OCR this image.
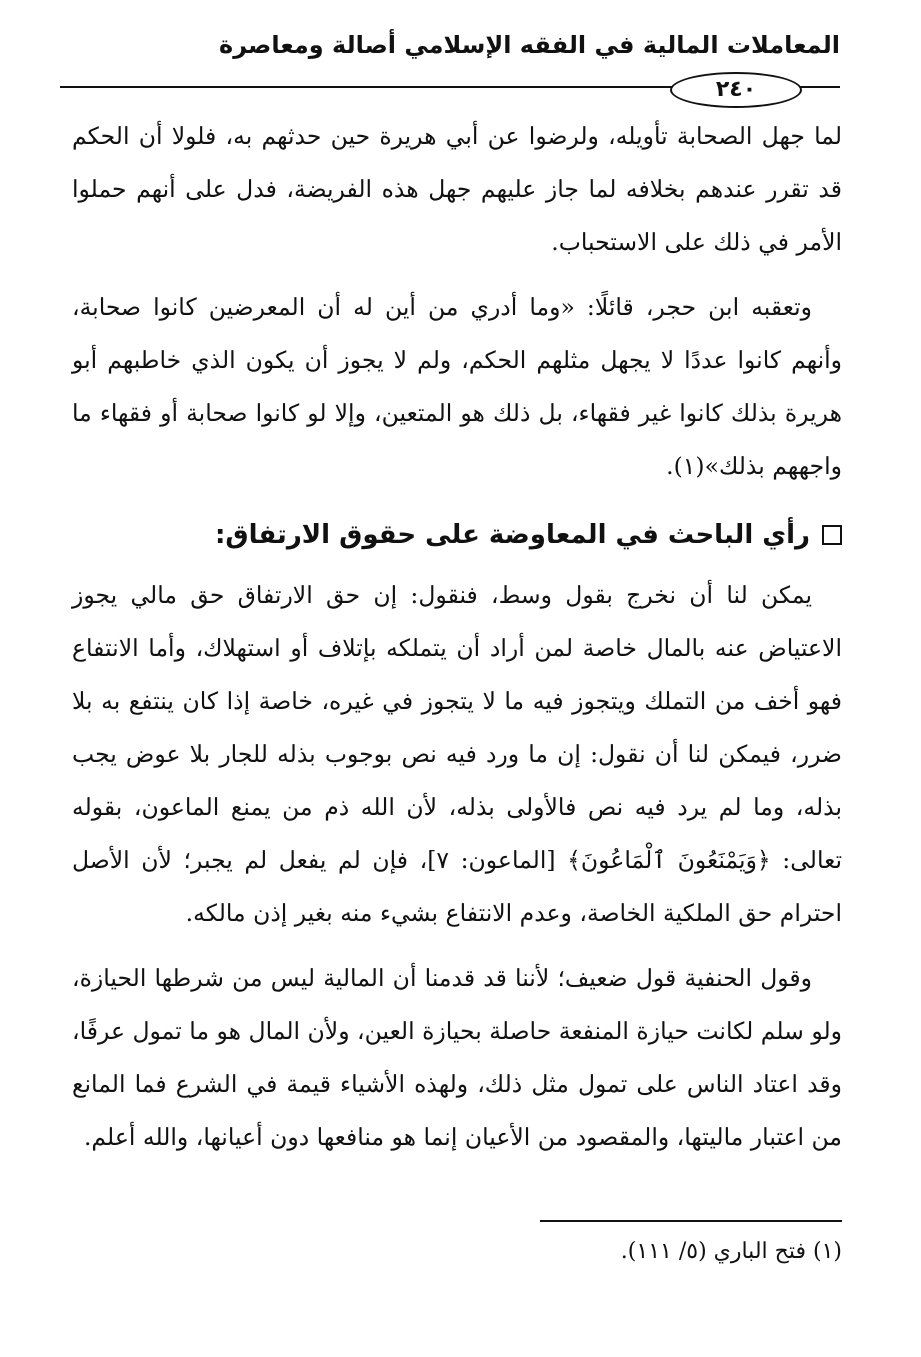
المعاملات المالية في الفقه الإسلامي أصالة ومعاصرة
٢٤٠

لما جهل الصحابة تأويله، ولرضوا عن أبي هريرة حين حدثهم به، فلولا أن الحكم قد تقرر عندهم بخلافه لما جاز عليهم جهل هذه الفريضة، فدل على أنهم حملوا الأمر في ذلك على الاستحباب.

وتعقبه ابن حجر، قائلًا: «وما أدري من أين له أن المعرضين كانوا صحابة، وأنهم كانوا عددًا لا يجهل مثلهم الحكم، ولم لا يجوز أن يكون الذي خاطبهم أبو هريرة بذلك كانوا غير فقهاء، بل ذلك هو المتعين، وإلا لو كانوا صحابة أو فقهاء ما واجههم بذلك»(١).

رأي الباحث في المعاوضة على حقوق الارتفاق:

يمكن لنا أن نخرج بقول وسط، فنقول: إن حق الارتفاق حق مالي يجوز الاعتياض عنه بالمال خاصة لمن أراد أن يتملكه بإتلاف أو استهلاك، وأما الانتفاع فهو أخف من التملك ويتجوز فيه ما لا يتجوز في غيره، خاصة إذا كان ينتفع به بلا ضرر، فيمكن لنا أن نقول: إن ما ورد فيه نص بوجوب بذله للجار بلا عوض يجب بذله، وما لم يرد فيه نص فالأولى بذله، لأن الله ذم من يمنع الماعون، بقوله تعالى: ﴿وَيَمْنَعُونَ ٱلْمَاعُونَ﴾ [الماعون: ٧]، فإن لم يفعل لم يجبر؛ لأن الأصل احترام حق الملكية الخاصة، وعدم الانتفاع بشيء منه بغير إذن مالكه.

وقول الحنفية قول ضعيف؛ لأننا قد قدمنا أن المالية ليس من شرطها الحيازة، ولو سلم لكانت حيازة المنفعة حاصلة بحيازة العين، ولأن المال هو ما تمول عرفًا، وقد اعتاد الناس على تمول مثل ذلك، ولهذه الأشياء قيمة في الشرع فما المانع من اعتبار ماليتها، والمقصود من الأعيان إنما هو منافعها دون أعيانها، والله أعلم.

(١) فتح الباري (٥/ ١١١).
